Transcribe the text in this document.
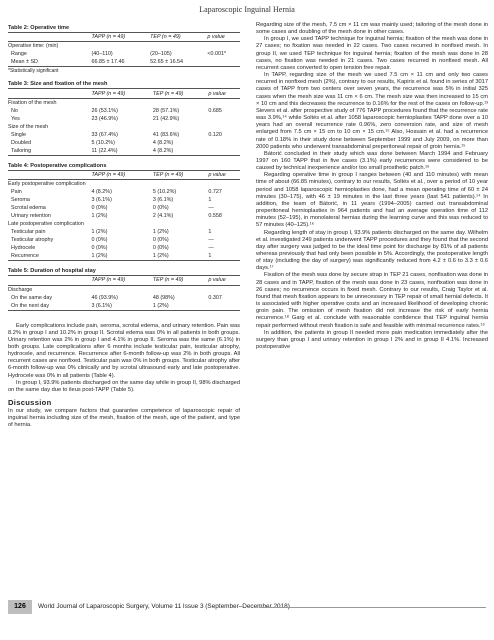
Laparoscopic Inguinal Hernia
Table 2: Operative time
	TAPP (n = 49)	TEP (n = 49)	p value
Operative time: (min)			
Range	(40–110)	(20–105)	<0.001*
Mean ± SD	66.85 ± 17.46	52.65 ± 16.54	
*Statistically significant
Table 3: Size and fixation of the mesh
	TAPP (n = 49)	TEP (n = 49)	p value
Fixation of the mesh			
No	26 (53.1%)	28 (57.1%)	0.685
Yes	23 (46.9%)	21 (42.9%)	
Size of the mesh			
Single	33 (67.4%)	41 (83.6%)	0.120
Doubled	5 (10.2%)	4 (8.2%)	
Tailoring	11 (22.4%)	4 (8.2%)	
Table 4: Postoperative complications
	TAPP (n = 49)	TEP (n = 49)	p value
Early postoperative complication			
Pain	4 (8.2%)	5 (10.2%)	0.727
Seroma	3 (6.1%)	3 (6.1%)	1
Scrotal edema	0 (0%)	0 (0%)	—
Urinary retention	1 (2%)	2 (4.1%)	0.558
Late postoperative complication			
Testicular pain	1 (2%)	1 (2%)	1
Testicular atrophy	0 (0%)	0 (0%)	—
Hydrocele	0 (0%)	0 (0%)	—
Recurrence	1 (2%)	1 (2%)	1
Table 5: Duration of hospital stay
	TAPP (n = 49)	TEP (n = 49)	p value
Discharge			
On the same day	46 (93.9%)	48 (98%)	0.307
On the next day	3 (6.1%)	1 (2%)	

Early complications include pain, seroma, scrotal edema, and urinary retention. Pain was 8.2% in group I and 10.2% in group II. Scrotal edema was 0% in all patients in both groups. Urinary retention was 2% in group I and 4.1% in group II. Seroma was the same (6.1%) in both groups. Late complications after 6 months include testicular pain, testicular atrophy, hydrocele, and recurrence. Recurrence after 6-month follow-up was 2% in both groups. All recurrent cases are nonfixed. Testicular pain was 0% in both groups. Testicular atrophy after 6-month follow-up was 0% clinically and by scrotal ultrasound early and late postoperative. Hydrocele was 0% in all patients (Table 4).

In group I, 93.9% patients discharged on the same day while in group II, 98% discharged on the same day due to ileus post-TAPP (Table 5).

Discussion

In our study, we compare factors that guarantee competence of laparoscopic repair of inguinal hernia including size of the mesh, fixation of the mesh, age of the patient, and type of hernia.

Regarding size of the mesh, 7.5 cm × 11 cm was mainly used; tailoring of the mesh done in some cases and doubling of the mesh done in other cases.

In group I, we used TAPP technique for inguinal hernia; fixation of the mesh was done in 27 cases; no fixation was needed in 22 cases. Two cases recurred in nonfixed mesh. In group II, we used TEP technique for inguinal hernia; fixation of the mesh was done in 28 cases, no fixation was needed in 21 cases. Two cases recurred in nonfixed mesh. All recurrent cases converted to open tension free repair.

In TAPP, regarding size of the mesh we used 7.5 cm × 11 cm and only two cases recurred in nonfixed mesh (2%), contrary to our results, Kapiris et al. found in series of 3017 cases of TAPP from two centers over seven years, the recurrence was 5% in initial 325 cases when the mesh size was 11 cm × 6 cm. The mesh size was then increased to 15 cm × 10 cm and this decreases the recurrence to 0.16% for the rest of the cases on follow-up.¹³ Sievers et al. after prospective study of 776 TAPP procedures found that the recurrence rate was 3.9%,¹⁴ while Soltés et al. after 1058 laparoscopic hernioplasties TAPP done over a 10 years had an overall recurrence rate 0.96%, zero conversion rate, and size of mesh enlarged from 7.5 cm × 15 cm to 10 cm × 15 cm.¹⁵ Also, Hossain et al. had a recurrence rate of 0.18% in their study done between September 1999 and July 2009, on more than 2000 patients who underwent transabdominal preperitoneal repair of groin hernia.¹⁵

Bátorić concluded in their study which was done between March 1994 and February 1997 on 160 TAPP that in five cases (3.1%) early recurrences were considered to be caused by technical inexperience and/or too small prosthetic patch.¹⁶

Regarding operative time in group I ranges between (40 and 110 minutes) with mean time of about (66.85 minutes), contrary to our results, Soltés et al., over a period of 10 year period and 1058 laparoscopic hernioplasties done, had a mean operating time of 60 ± 24 minutes (30–175), with 46 ± 19 minutes in the last three years (last 541 patients).¹⁴ In addition, the team of Bátorić, in 11 years (1994–2005) carried out transabdominal preperitoneal hernioplasties in 964 patients and had an average operation time of 112 minutes (52–195), in monolateral hernias during the learning curve and this was reduced to 57 minutes (40–125).¹⁶

Regarding length of stay in group I, 93.9% patients discharged on the same day. Wilhelm et al. investigated 249 patients underwent TAPP procedures and they found that the second day after surgery was judged to be the ideal time point for discharge by 81% of all patients whereas previously that had only been possible in 5%. Accordingly, the postoperative length of stay (including the day of surgery) was significantly reduced from 4.2 ± 0.6 to 3.3 ± 0.6 days.¹⁷

Fixation of the mesh was done by secure strap in TEP 21 cases, nonfixation was done in 28 cases and in TAPP, fixation of the mesh was done in 23 cases, nonfixation was done in 26 cases; no recurrence occurs in fixed mesh. Contrary to our results, Craig Taylor et al. found that mesh fixation appears to be unnecessary in TEP repair of small hernial defects. It is associated with higher operative costs and an increased likelihood of developing chronic groin pain. The omission of mesh fixation did not increase the risk of early hernia recurrence.¹⁸ Garg et al. conclude with reasonable confidence that TEP inguinal hernia repair performed without mesh fixation is safe and feasible with minimal recurrence rates.¹⁹

In addition, the patients in group II needed more pain medication immediately after the surgery than group I and urinary retention in group I 2% and in group II 4.1%. Increased postoperative

126	World Journal of Laparoscopic Surgery, Volume 11 Issue 3 (September–December 2018)
